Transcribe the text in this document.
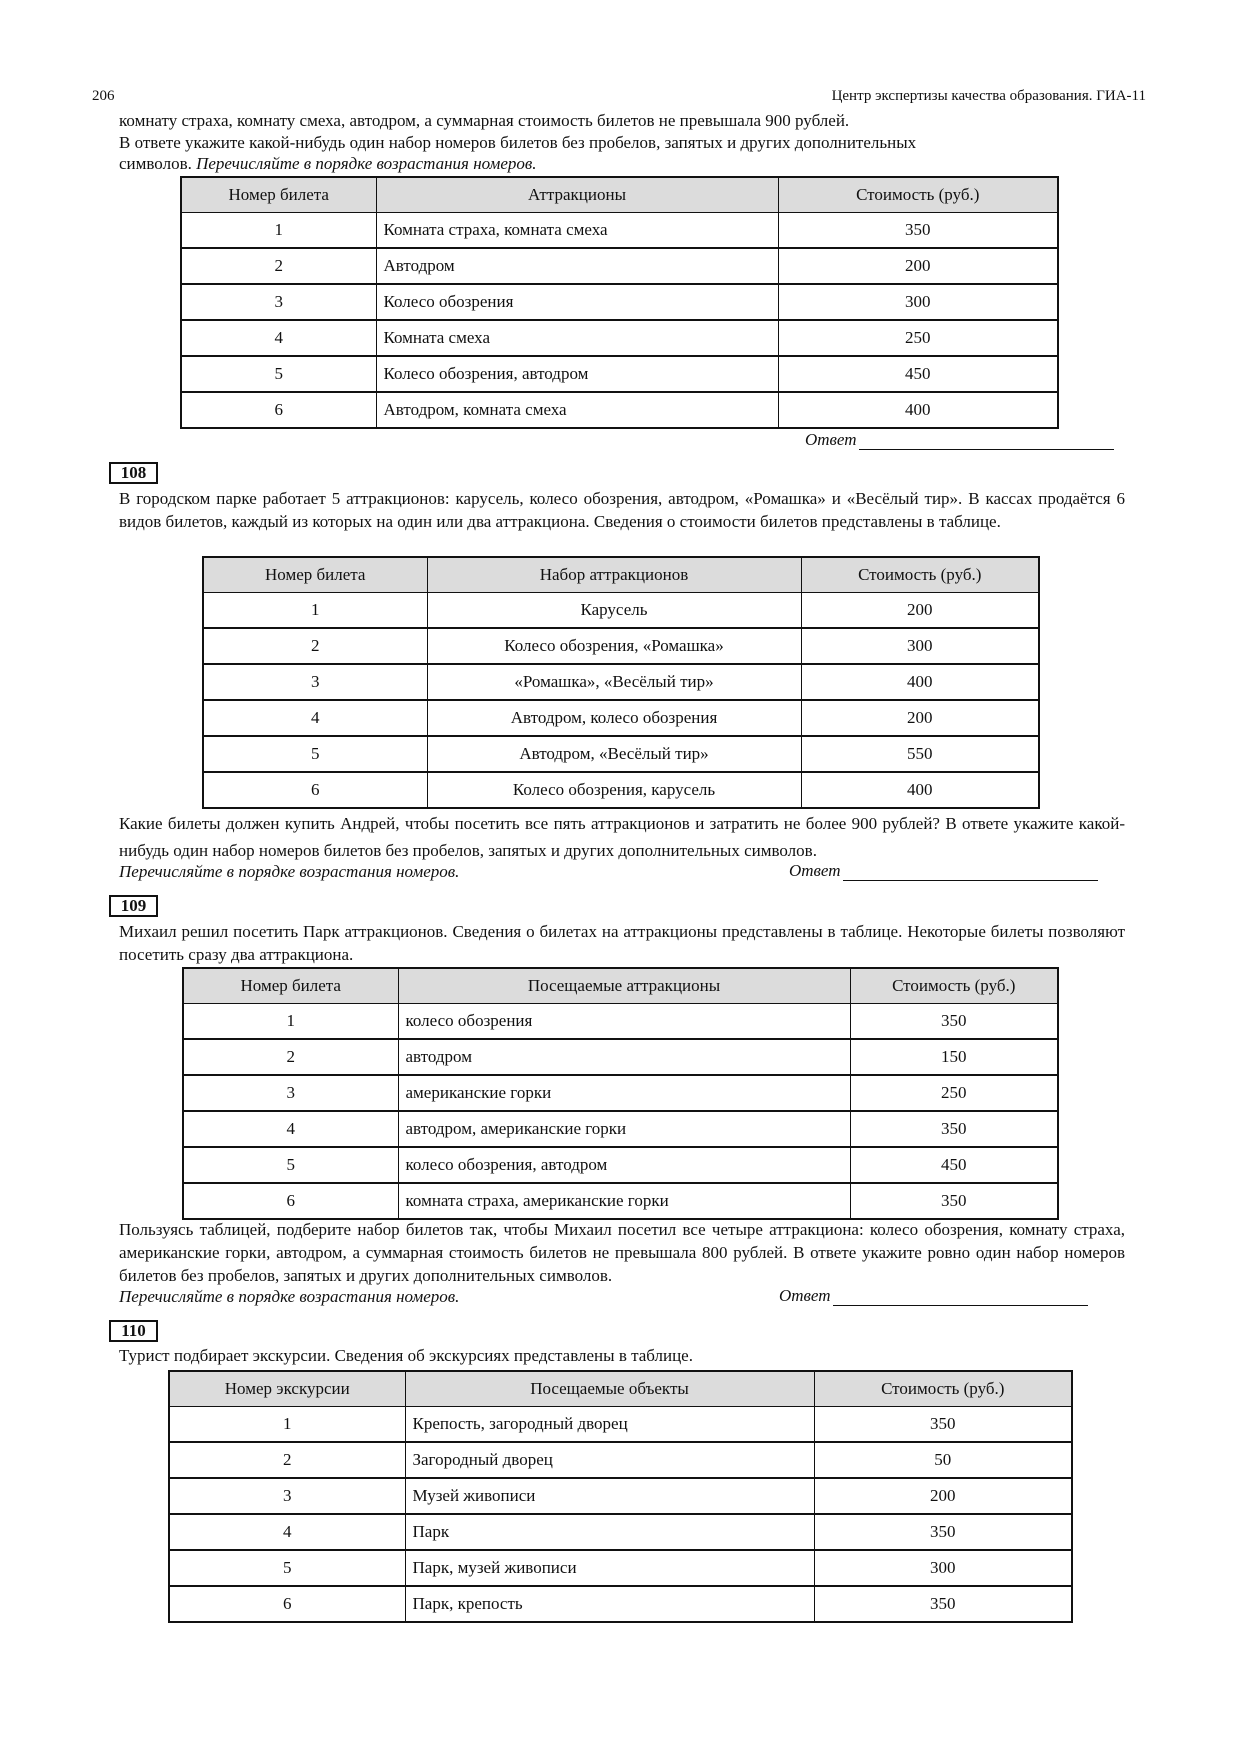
206	Центр экспертизы качества образования. ГИА-11
комнату страха, комнату смеха, автодром, а суммарная стоимость билетов не превышала 900 рублей.

В ответе укажите какой-нибудь один набор номеров билетов без пробелов, запятых и других дополнительных

символов. Перечисляйте в порядке возрастания номеров.
Номер билета	Аттракционы	Стоимость (руб.)
1	Комната страха, комната смеха	350
2	Автодром	200
3	Колесо обозрения	300
4	Комната смеха	250
5	Колесо обозрения, автодром	450
6	Автодром, комната смеха	400
Ответ
108

В городском парке работает 5 аттракционов: карусель, колесо обозрения, автодром, «Ромашка» и «Весёлый тир». В кассах продаётся 6 видов билетов, каждый из которых на один или два аттракциона. Сведения о стоимости билетов представлены в таблице.

Номер билета	Набор аттракционов	Стоимость (руб.)
1	Карусель	200
2	Колесо обозрения, «Ромашка»	300
3	«Ромашка», «Весёлый тир»	400
4	Автодром, колесо обозрения	200
5	Автодром, «Весёлый тир»	550
6	Колесо обозрения, карусель	400

Какие билеты должен купить Андрей, чтобы посетить все пять аттракционов и затратить не более 900 рублей? В ответе укажите какой-нибудь один набор номеров билетов без пробелов, запятых и других дополнительных символов.

Перечисляйте в порядке возрастания номеров.	Ответ
109

Михаил решил посетить Парк аттракционов. Сведения о билетах на аттракционы представлены в таблице. Некоторые билеты позволяют посетить сразу два аттракциона.

Номер билета	Посещаемые аттракционы	Стоимость (руб.)
1	колесо обозрения	350
2	автодром	150
3	американские горки	250
4	автодром, американские горки	350
5	колесо обозрения, автодром	450
6	комната страха, американские горки	350

Пользуясь таблицей, подберите набор билетов так, чтобы Михаил посетил все четыре аттракциона: колесо обозрения, комнату страха, американские горки, автодром, а суммарная стоимость билетов не превышала 800 рублей. В ответе укажите ровно один набор номеров билетов без пробелов, запятых и других дополнительных символов.

Перечисляйте в порядке возрастания номеров.	Ответ
110
Турист подбирает экскурсии. Сведения об экскурсиях представлены в таблице.
Номер экскурсии	Посещаемые объекты	Стоимость (руб.)
1	Крепость, загородный дворец	350
2	Загородный дворец	50
3	Музей живописи	200
4	Парк	350
5	Парк, музей живописи	300
6	Парк, крепость	350
